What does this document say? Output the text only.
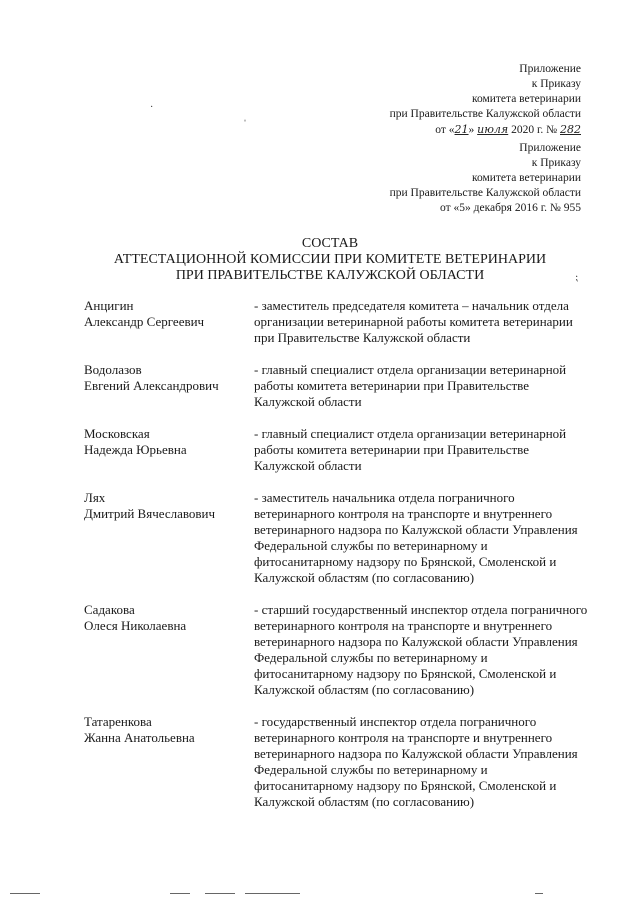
Приложение
к Приказу
комитета ветеринарии
при Правительстве Калужской области
от «21» июля 2020 г. № 282
Приложение
к Приказу
комитета ветеринарии
при Правительстве Калужской области
от «5» декабря 2016 г. № 955
СОСТАВ
АТТЕСТАЦИОННОЙ КОМИССИИ ПРИ КОМИТЕТЕ ВЕТЕРИНАРИИ
ПРИ ПРАВИТЕЛЬСТВЕ КАЛУЖСКОЙ ОБЛАСТИ
Анцигин
Александр Сергеевич
- заместитель председателя комитета – начальник отдела организации ветеринарной работы комитета ветеринарии при Правительстве Калужской области
Водолазов
Евгений Александрович
- главный специалист отдела организации ветеринарной работы комитета ветеринарии при Правительстве Калужской области
Московская
Надежда Юрьевна
- главный специалист отдела организации ветеринарной работы комитета ветеринарии при Правительстве Калужской области
Лях
Дмитрий Вячеславович
- заместитель начальника отдела пограничного ветеринарного контроля на транспорте и внутреннего ветеринарного надзора по Калужской области Управления Федеральной службы по ветеринарному и фитосанитарному надзору по Брянской, Смоленской и Калужской областям (по согласованию)
Садакова
Олеся Николаевна
- старший государственный инспектор отдела пограничного ветеринарного контроля на транспорте и внутреннего ветеринарного надзора по Калужской области Управления Федеральной службы по ветеринарному и фитосанитарному надзору по Брянской, Смоленской и Калужской областям (по согласованию)
Татаренкова
Жанна Анатольевна
- государственный инспектор отдела пограничного ветеринарного контроля на транспорте и внутреннего ветеринарного надзора по Калужской области Управления Федеральной службы по ветеринарному и фитосанитарному надзору по Брянской, Смоленской и Калужской областям (по согласованию)
ˈ
·
⁏
